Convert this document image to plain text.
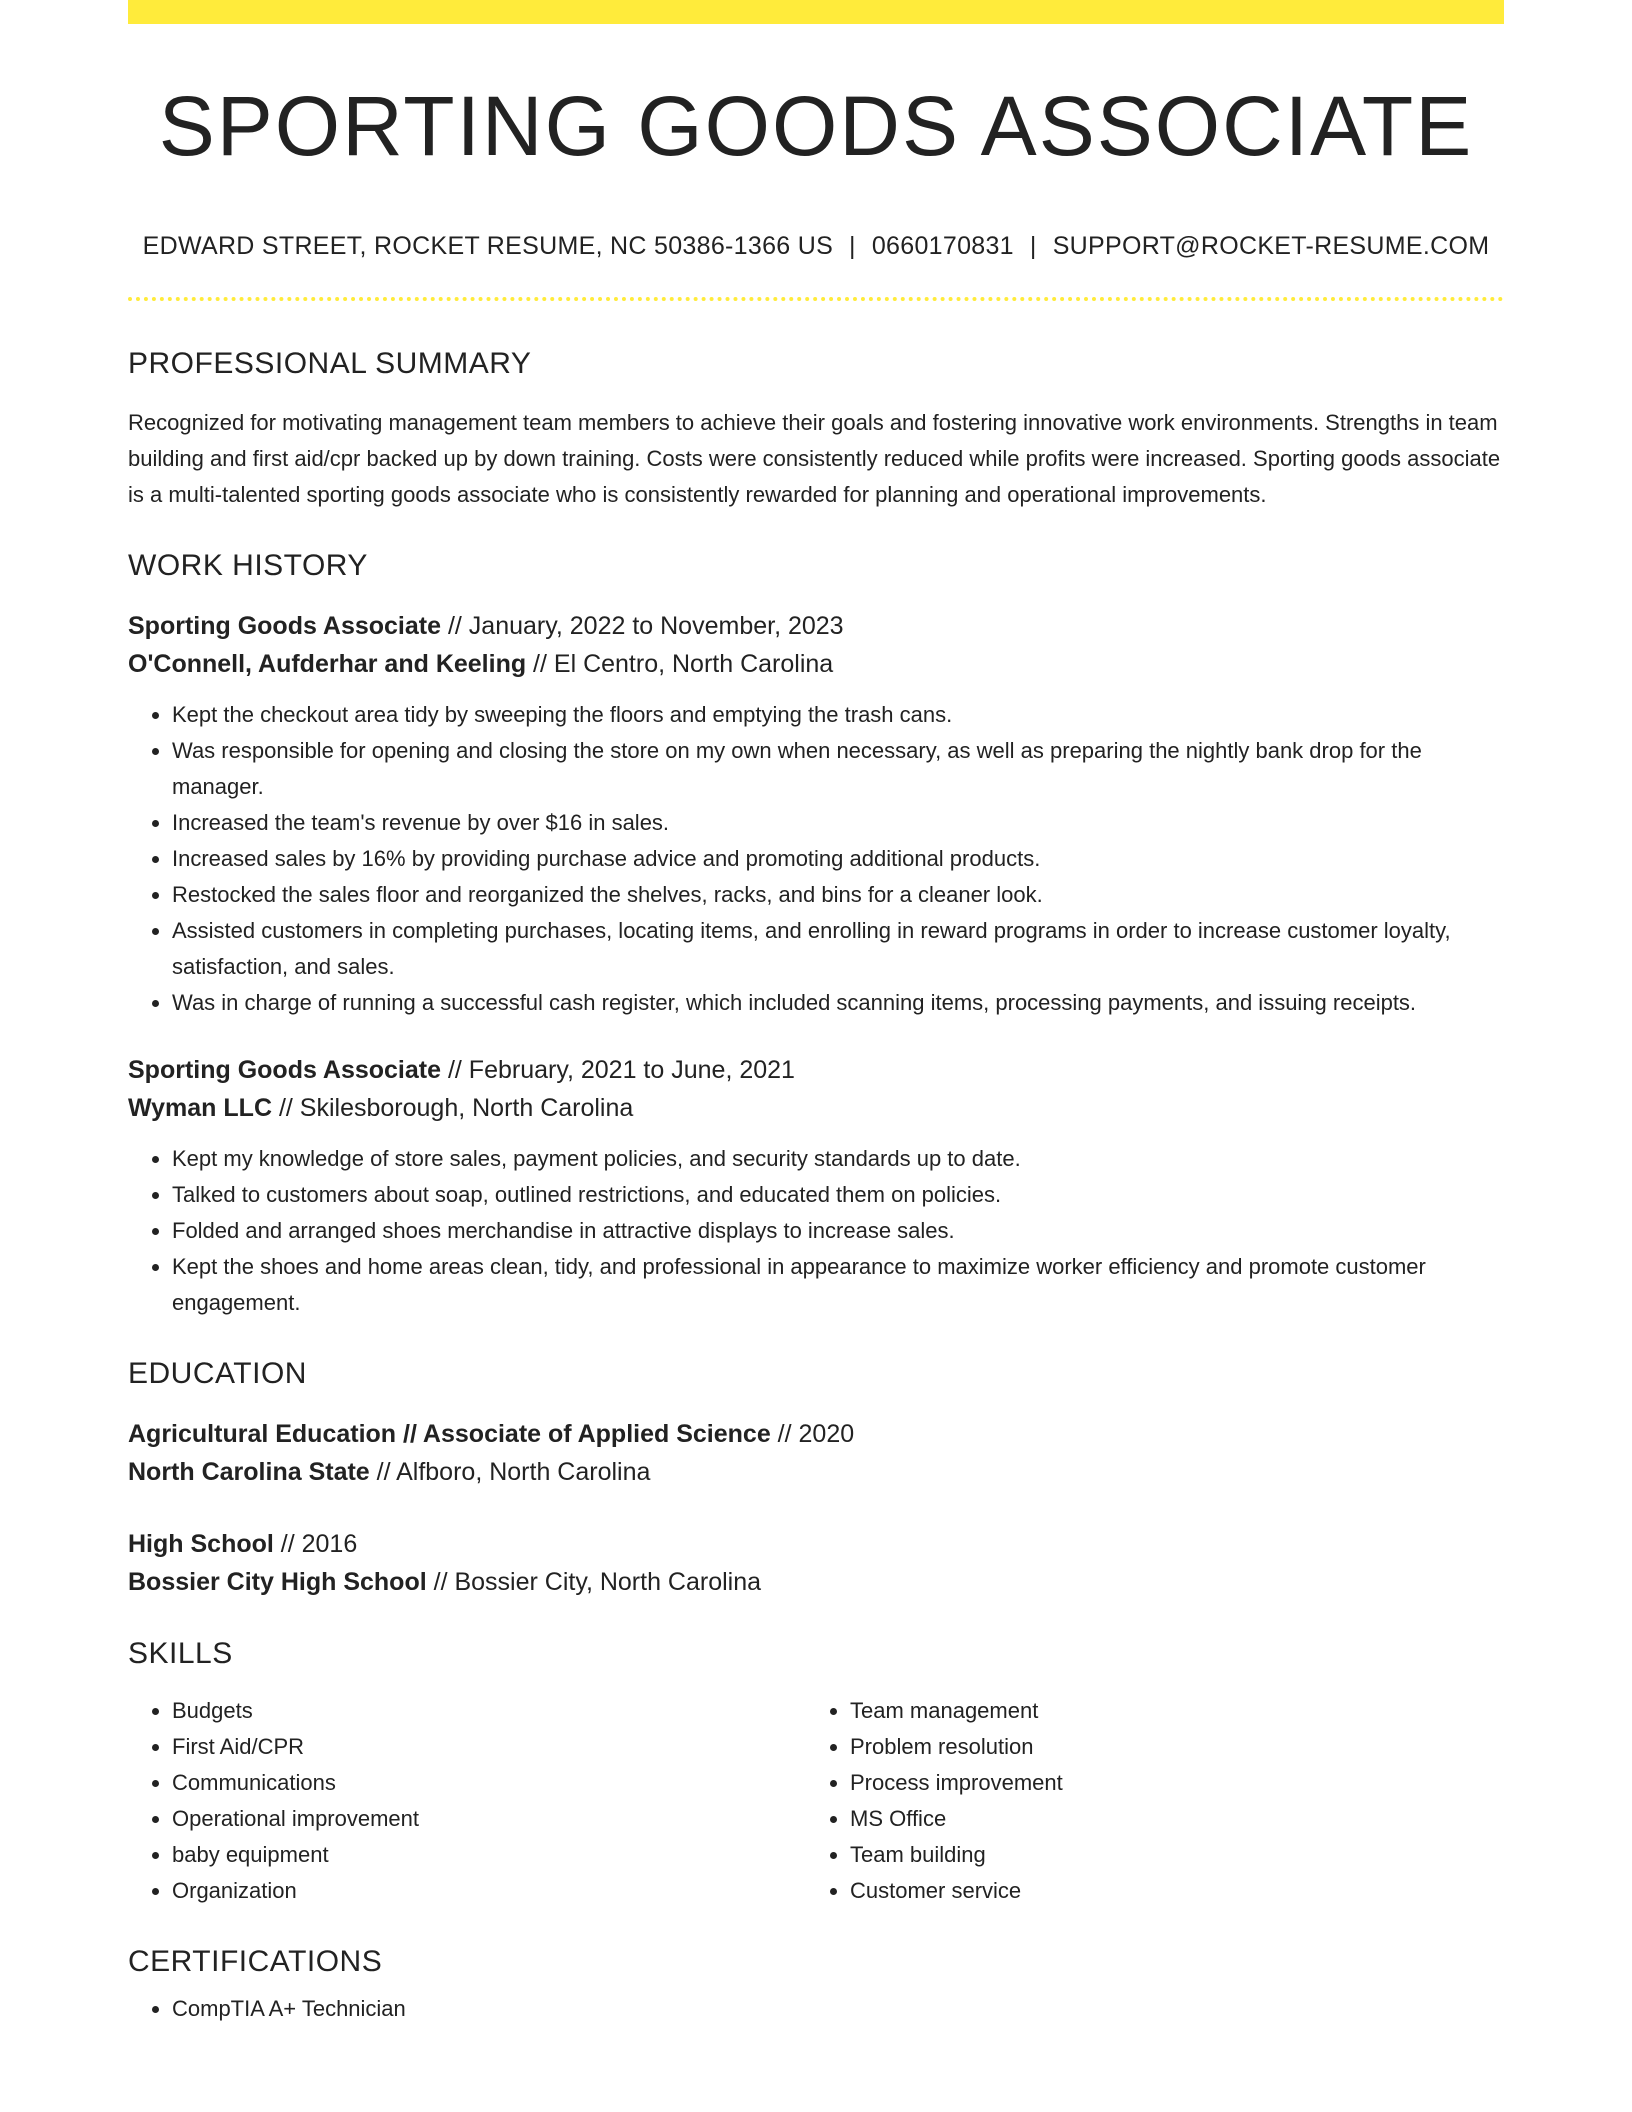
SPORTING GOODS ASSOCIATE
EDWARD STREET, ROCKET RESUME, NC 50386-1366 US | 0660170831 | SUPPORT@ROCKET-RESUME.COM
PROFESSIONAL SUMMARY
Recognized for motivating management team members to achieve their goals and fostering innovative work environments. Strengths in team building and first aid/cpr backed up by down training. Costs were consistently reduced while profits were increased. Sporting goods associate is a multi-talented sporting goods associate who is consistently rewarded for planning and operational improvements.
WORK HISTORY
Sporting Goods Associate // January, 2022 to November, 2023
O'Connell, Aufderhar and Keeling // El Centro, North Carolina
• Kept the checkout area tidy by sweeping the floors and emptying the trash cans.
• Was responsible for opening and closing the store on my own when necessary, as well as preparing the nightly bank drop for the manager.
• Increased the team's revenue by over $16 in sales.
• Increased sales by 16% by providing purchase advice and promoting additional products.
• Restocked the sales floor and reorganized the shelves, racks, and bins for a cleaner look.
• Assisted customers in completing purchases, locating items, and enrolling in reward programs in order to increase customer loyalty, satisfaction, and sales.
• Was in charge of running a successful cash register, which included scanning items, processing payments, and issuing receipts.
Sporting Goods Associate // February, 2021 to June, 2021
Wyman LLC // Skilesborough, North Carolina
• Kept my knowledge of store sales, payment policies, and security standards up to date.
• Talked to customers about soap, outlined restrictions, and educated them on policies.
• Folded and arranged shoes merchandise in attractive displays to increase sales.
• Kept the shoes and home areas clean, tidy, and professional in appearance to maximize worker efficiency and promote customer engagement.
EDUCATION
Agricultural Education // Associate of Applied Science // 2020
North Carolina State // Alfboro, North Carolina
High School // 2016
Bossier City High School // Bossier City, North Carolina
SKILLS
• Budgets
• First Aid/CPR
• Communications
• Operational improvement
• baby equipment
• Organization
• Team management
• Problem resolution
• Process improvement
• MS Office
• Team building
• Customer service
CERTIFICATIONS
• CompTIA A+ Technician
